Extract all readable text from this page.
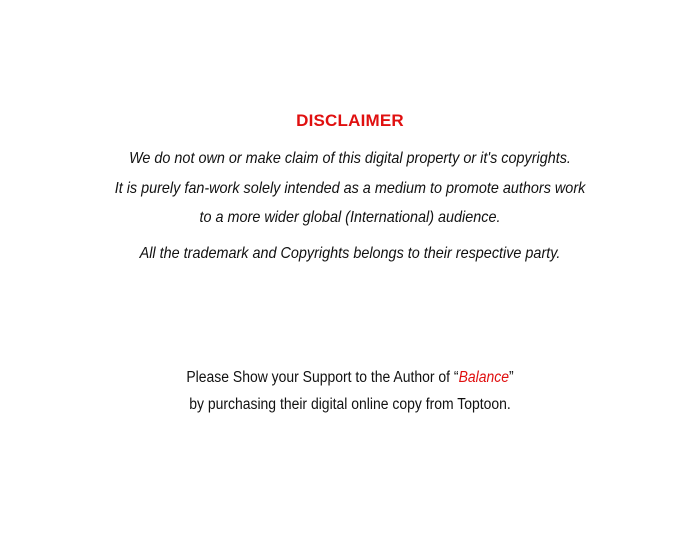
DISCLAIMER
We do not own or make claim of this digital property or it's copyrights.
It is purely fan-work solely intended as a medium to promote authors work
to a more wider global (International) audience.
All the trademark and Copyrights belongs to their respective party.
Please Show your Support to the Author of “Balance”
by purchasing their digital online copy from Toptoon.
